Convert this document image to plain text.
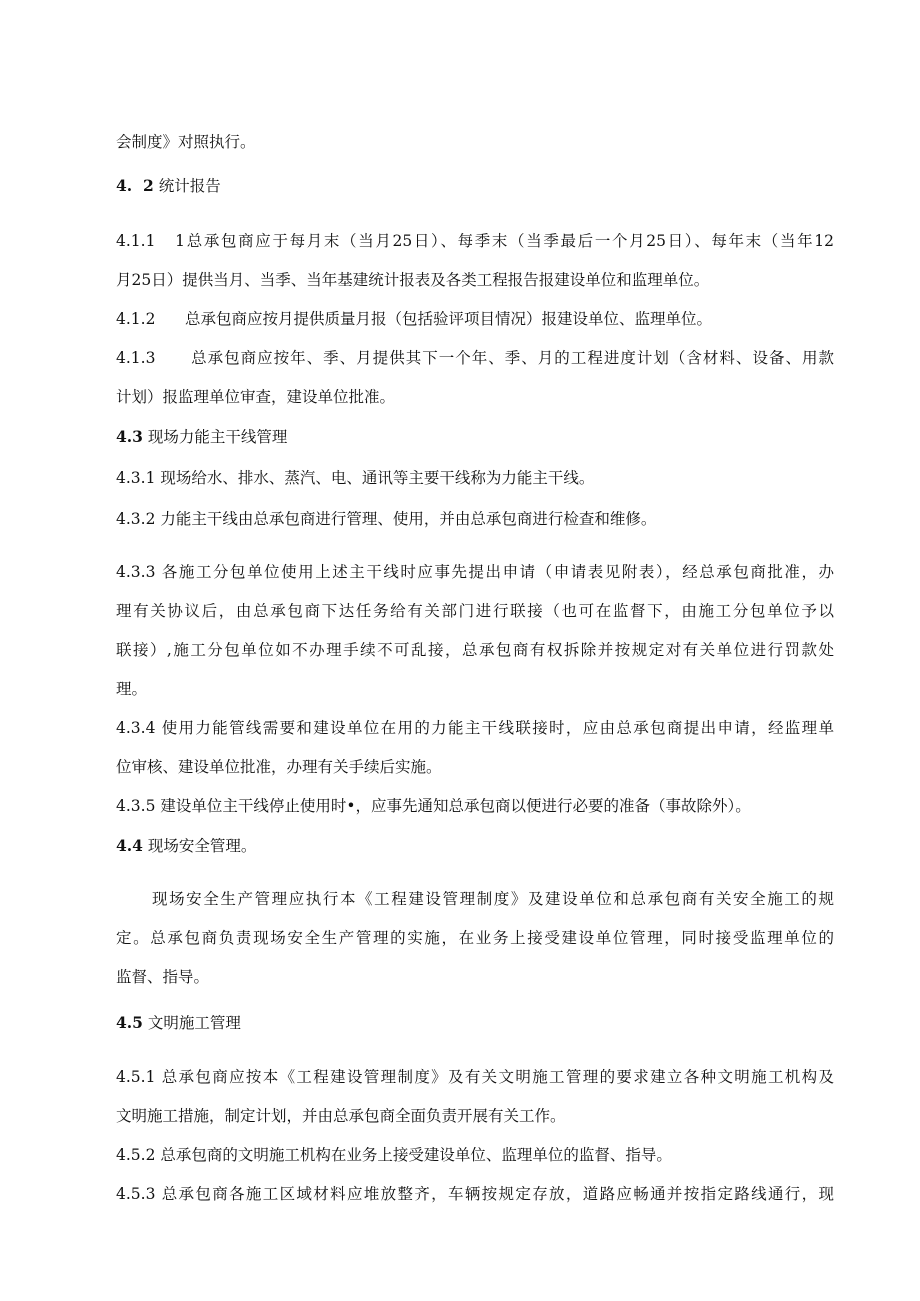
会制度》对照执行。
4.  2 统计报告
4.1.1   1总承包商应于每月末（当月25日）、每季末（当季最后一个月25日）、每年末（当年12
月25日）提供当月、当季、当年基建统计报表及各类工程报告报建设单位和监理单位。
4.1.2      总承包商应按月提供质量月报（包括验评项目情况）报建设单位、监理单位。
4.1.3      总承包商应按年、季、月提供其下一个年、季、月的工程进度计划（含材料、设备、用款
计划）报监理单位审查，建设单位批准。
4.3 现场力能主干线管理
4.3.1 现场给水、排水、蒸汽、电、通讯等主要干线称为力能主干线。
4.3.2 力能主干线由总承包商进行管理、使用，并由总承包商进行检查和维修。
4.3.3 各施工分包单位使用上述主干线时应事先提出申请（申请表见附表），经总承包商批准，办
理有关协议后，由总承包商下达任务给有关部门进行联接（也可在监督下，由施工分包单位予以
联接）,施工分包单位如不办理手续不可乱接，总承包商有权拆除并按规定对有关单位进行罚款处
理。
4.3.4 使用力能管线需要和建设单位在用的力能主干线联接时，应由总承包商提出申请，经监理单
位审核、建设单位批准，办理有关手续后实施。
4.3.5 建设单位主干线停止使用时•，应事先通知总承包商以便进行必要的准备（事故除外）。
4.4 现场安全管理。
现场安全生产管理应执行本《工程建设管理制度》及建设单位和总承包商有关安全施工的规
定。总承包商负责现场安全生产管理的实施，在业务上接受建设单位管理，同时接受监理单位的
监督、指导。
4.5 文明施工管理
4.5.1 总承包商应按本《工程建设管理制度》及有关文明施工管理的要求建立各种文明施工机构及
文明施工措施，制定计划，并由总承包商全面负责开展有关工作。
4.5.2 总承包商的文明施工机构在业务上接受建设单位、监理单位的监督、指导。
4.5.3 总承包商各施工区域材料应堆放整齐，车辆按规定存放，道路应畅通并按指定路线通行，现
